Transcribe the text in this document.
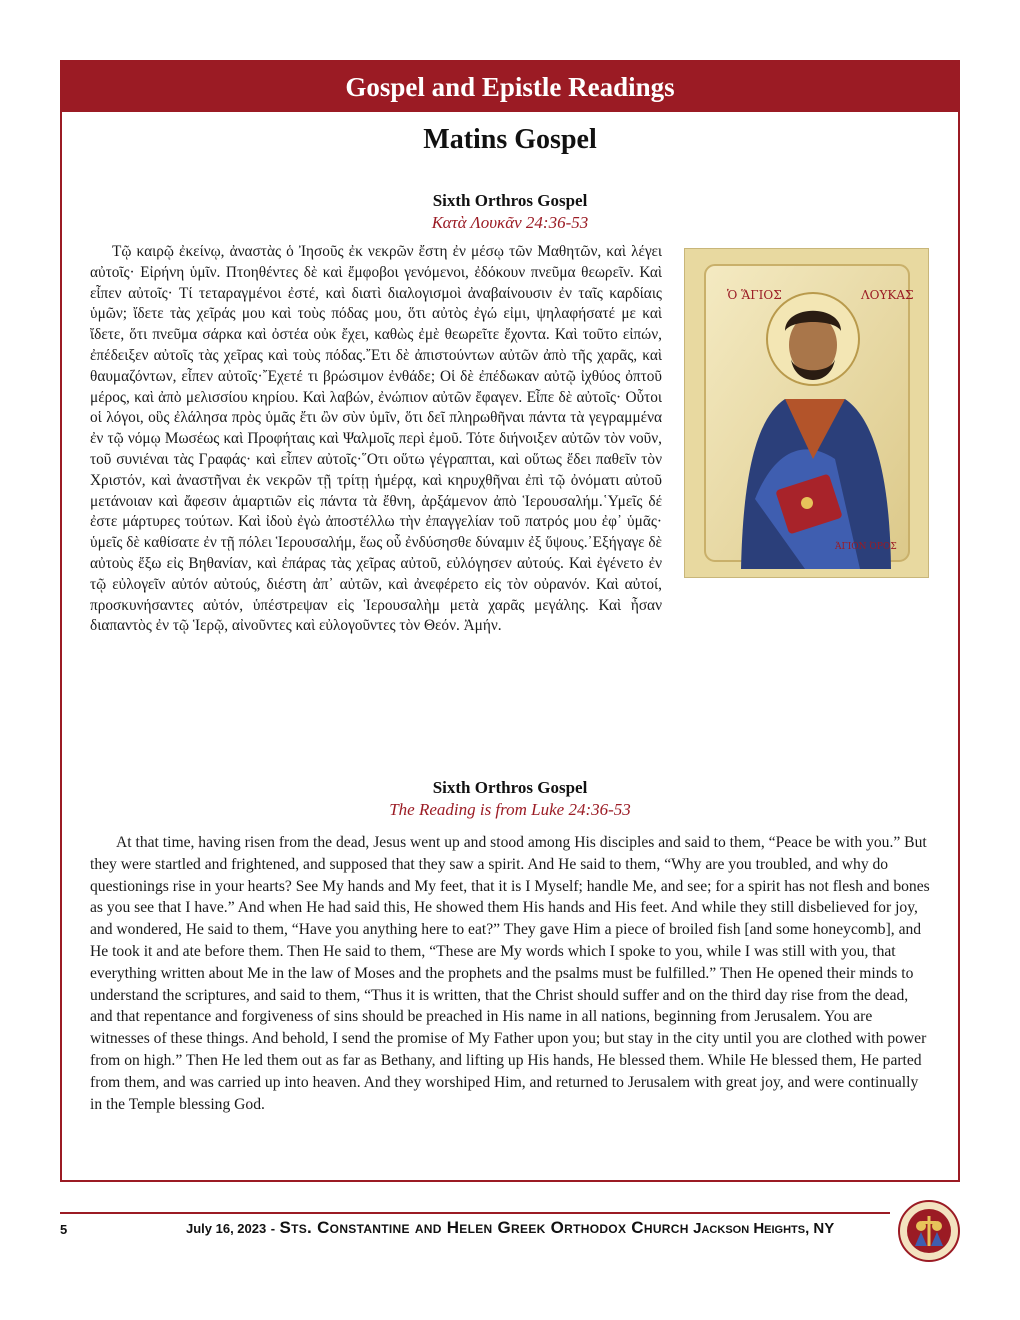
Gospel and Epistle Readings
Matins Gospel
Sixth Orthros Gospel
Κατὰ Λουκᾶν 24:36-53

Τῷ καιρῷ ἐκείνῳ, ἀναστὰς ὁ Ἰησοῦς ἐκ νεκρῶν ἔστη ἐν μέσῳ τῶν Μαθητῶν, καὶ λέγει αὐτοῖς· Εἰρήνη ὑμῖν. Πτοηθέντες δὲ καὶ ἔμφοβοι γενόμενοι, ἐδόκουν πνεῦμα θεωρεῖν. Καὶ εἶπεν αὐτοῖς· Τί τεταραγμένοι ἐστέ, καὶ διατὶ διαλογισμοὶ ἀναβαίνουσιν ἐν ταῖς καρδίαις ὑμῶν; ἴδετε τὰς χεῖράς μου καὶ τοὺς πόδας μου, ὅτι αὐτὸς ἐγώ εἰμι, ψηλαφήσατέ με καὶ ἴδετε, ὅτι πνεῦμα σάρκα καὶ ὀστέα οὐκ ἔχει, καθὼς ἐμὲ θεωρεῖτε ἔχοντα. Καὶ τοῦτο εἰπών, ἐπέδειξεν αὐτοῖς τὰς χεῖρας καὶ τοὺς πόδας.῎Ετι δὲ ἀπιστούντων αὐτῶν ἀπὸ τῆς χαρᾶς, καὶ θαυμαζόντων, εἶπεν αὐτοῖς·῎Εχετέ τι βρώσιμον ἐνθάδε; Οἱ δὲ ἐπέδωκαν αὐτῷ ἰχθύος ὀπτοῦ μέρος, καὶ ἀπὸ μελισσίου κηρίου. Καὶ λαβών, ἐνώπιον αὐτῶν ἔφαγεν. Εἶπε δὲ αὐτοῖς· Οὗτοι οἱ λόγοι, οὓς ἐλάλησα πρὸς ὑμᾶς ἔτι ὢν σὺν ὑμῖν, ὅτι δεῖ πληρωθῆναι πάντα τὰ γεγραμμένα ἐν τῷ νόμῳ Μωσέως καὶ Προφήταις καὶ Ψαλμοῖς περὶ ἐμοῦ. Τότε διήνοιξεν αὐτῶν τὸν νοῦν, τοῦ συνιέναι τὰς Γραφάς· καὶ εἶπεν αὐτοῖς·῞Οτι οὕτω γέγραπται, καὶ οὕτως ἔδει παθεῖν τὸν Χριστόν, καὶ ἀναστῆναι ἐκ νεκρῶν τῇ τρίτῃ ἡμέρᾳ, καὶ κηρυχθῆναι ἐπὶ τῷ ὀνόματι αὐτοῦ μετάνοιαν καὶ ἄφεσιν ἁμαρτιῶν εἰς πάντα τὰ ἔθνη, ἀρξάμενον ἀπὸ Ἱερουσαλήμ.῾Υμεῖς δέ ἐστε μάρτυρες τούτων. Καὶ ἰδοὺ ἐγὼ ἀποστέλλω τὴν ἐπαγγελίαν τοῦ πατρός μου ἐφ᾿ ὑμᾶς· ὑμεῖς δὲ καθίσατε ἐν τῇ πόλει Ἱερουσαλήμ, ἕως οὗ ἐνδύσησθε δύναμιν ἐξ ὕψους.᾿Εξήγαγε δὲ αὐτοὺς ἔξω εἰς Βηθανίαν, καὶ ἐπάρας τὰς χεῖρας αὐτοῦ, εὐλόγησεν αὐτούς. Καὶ ἐγένετο ἐν τῷ εὐλογεῖν αὐτόν αὐτούς, διέστη ἀπ᾿ αὐτῶν, καὶ ἀνεφέρετο εἰς τὸν οὐρανόν. Καὶ αὐτοί, προσκυνήσαντες αὐτόν, ὑπέστρεψαν εἰς Ἱερουσαλὴμ μετὰ χαρᾶς μεγάλης. Καὶ ἦσαν διαπαντὸς ἐν τῷ Ἱερῷ, αἰνοῦντες καὶ εὐλογοῦντες τὸν Θεόν. Ἀμήν.

Ὁ ἍΓΙΟΣ	ΛΟΥΚΑΣ
ΆΓΙΟΝ ΌΡΟΣ
Sixth Orthros Gospel
The Reading is from Luke 24:36-53

At that time, having risen from the dead, Jesus went up and stood among His disciples and said to them, “Peace be with you.” But they were startled and frightened, and supposed that they saw a spirit. And He said to them, “Why are you troubled, and why do questionings rise in your hearts? See My hands and My feet, that it is I Myself; handle Me, and see; for a spirit has not flesh and bones as you see that I have.” And when He had said this, He showed them His hands and His feet. And while they still disbelieved for joy, and wondered, He said to them, “Have you anything here to eat?” They gave Him a piece of broiled fish [and some honeycomb], and He took it and ate before them. Then He said to them, “These are My words which I spoke to you, while I was still with you, that everything written about Me in the law of Moses and the prophets and the psalms must be fulfilled.” Then He opened their minds to understand the scriptures, and said to them, “Thus it is written, that the Christ should suffer and on the third day rise from the dead, and that repentance and forgiveness of sins should be preached in His name in all nations, beginning from Jerusalem. You are witnesses of these things. And behold, I send the promise of My Father upon you; but stay in the city until you are clothed with power from on high.” Then He led them out as far as Bethany, and lifting up His hands, He blessed them. While He blessed them, He parted from them, and was carried up into heaven. And they worshiped Him, and returned to Jerusalem with great joy, and were continually in the Temple blessing God.

5	July 16, 2023 - Sts. Constantine and Helen Greek Orthodox Church Jackson Heights, NY
